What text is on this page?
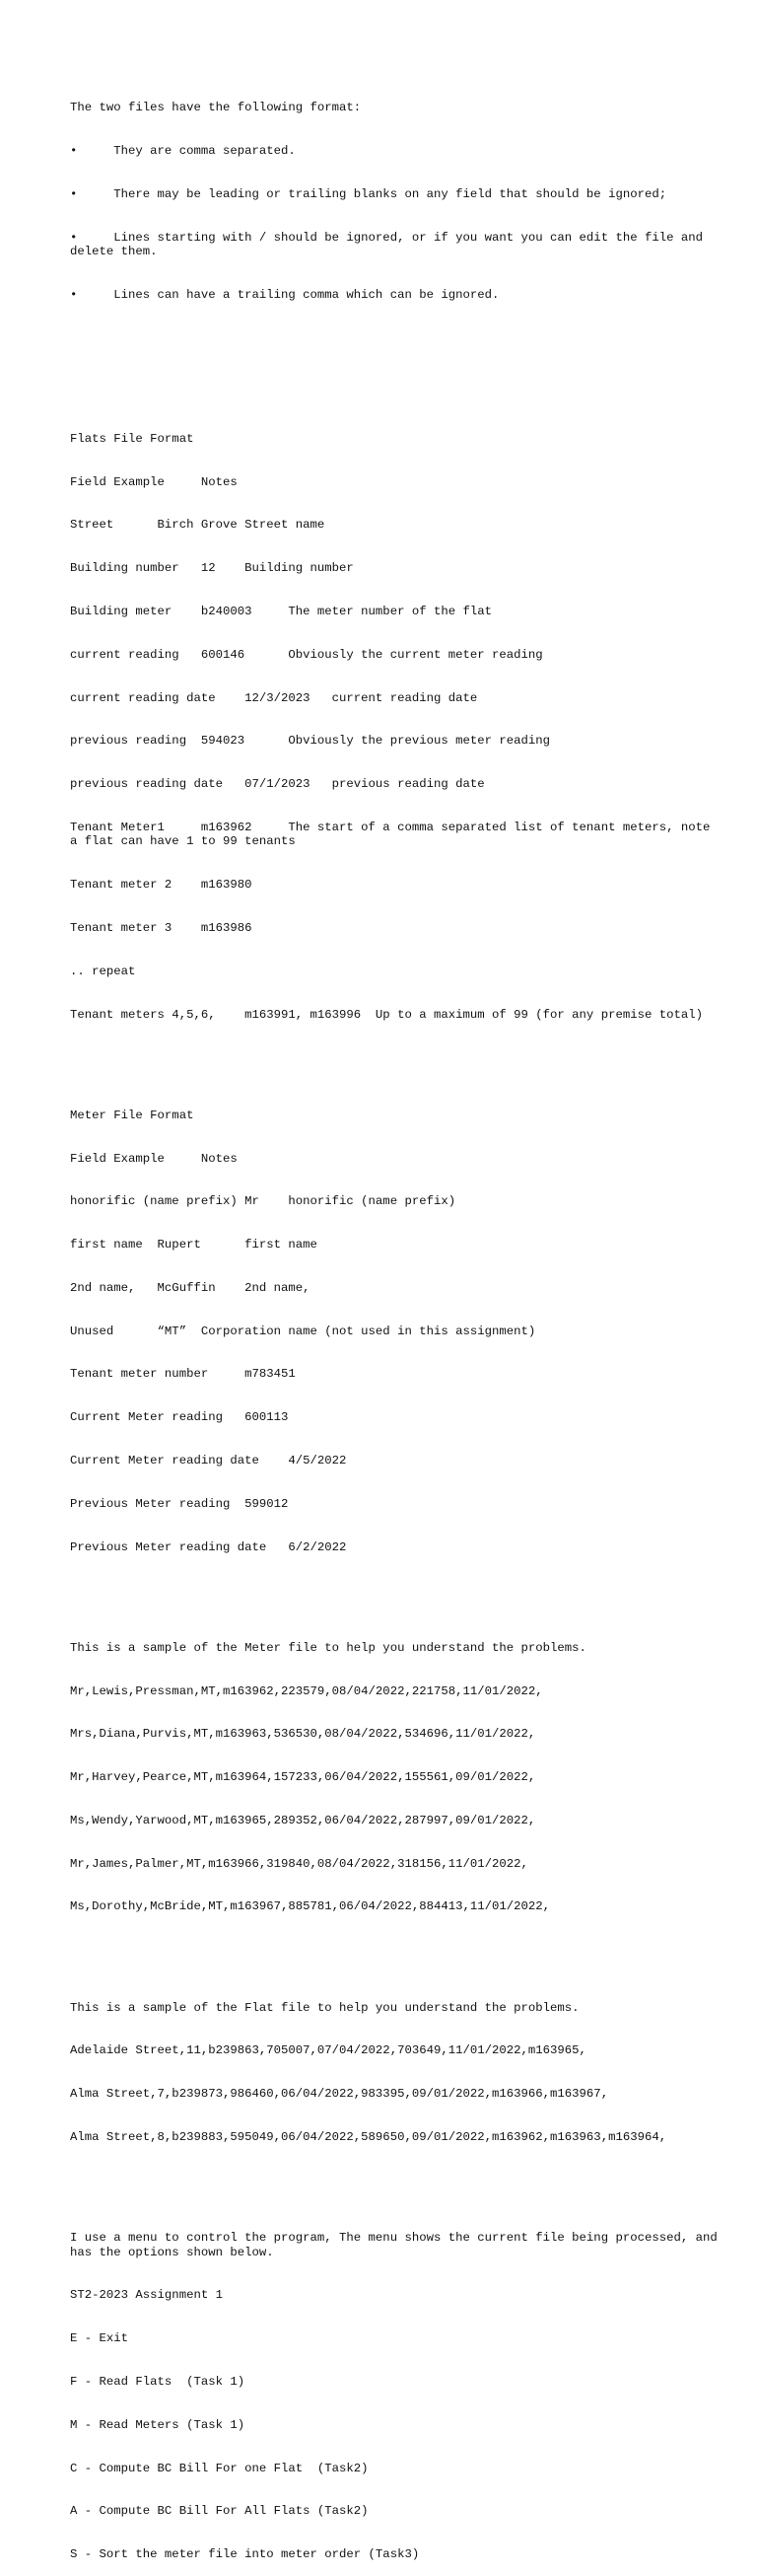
The two files have the following format:

•     They are comma separated.

•     There may be leading or trailing blanks on any field that should be ignored;

•     Lines starting with / should be ignored, or if you want you can edit the file and delete them.

•     Lines can have a trailing comma which can be ignored.

Flats File Format

Field Example     Notes

Street      Birch Grove Street name

Building number   12    Building number

Building meter    b240003     The meter number of the flat

current reading   600146      Obviously the current meter reading

current reading date    12/3/2023   current reading date

previous reading  594023      Obviously the previous meter reading

previous reading date   07/1/2023   previous reading date

Tenant Meter1     m163962     The start of a comma separated list of tenant meters, note a flat can have 1 to 99 tenants

Tenant meter 2    m163980

Tenant meter 3    m163986

.. repeat

Tenant meters 4,5,6,    m163991, m163996  Up to a maximum of 99 (for any premise total)

Meter File Format

Field Example     Notes

honorific (name prefix) Mr    honorific (name prefix)

first name  Rupert      first name

2nd name,   McGuffin    2nd name,

Unused      “MT”  Corporation name (not used in this assignment)

Tenant meter number     m783451

Current Meter reading   600113

Current Meter reading date    4/5/2022

Previous Meter reading  599012

Previous Meter reading date   6/2/2022

This is a sample of the Meter file to help you understand the problems.

Mr,Lewis,Pressman,MT,m163962,223579,08/04/2022,221758,11/01/2022,

Mrs,Diana,Purvis,MT,m163963,536530,08/04/2022,534696,11/01/2022,

Mr,Harvey,Pearce,MT,m163964,157233,06/04/2022,155561,09/01/2022,

Ms,Wendy,Yarwood,MT,m163965,289352,06/04/2022,287997,09/01/2022,

Mr,James,Palmer,MT,m163966,319840,08/04/2022,318156,11/01/2022,

Ms,Dorothy,McBride,MT,m163967,885781,06/04/2022,884413,11/01/2022,

This is a sample of the Flat file to help you understand the problems.

Adelaide Street,11,b239863,705007,07/04/2022,703649,11/01/2022,m163965,

Alma Street,7,b239873,986460,06/04/2022,983395,09/01/2022,m163966,m163967,

Alma Street,8,b239883,595049,06/04/2022,589650,09/01/2022,m163962,m163963,m163964,

I use a menu to control the program, The menu shows the current file being processed, and has the options shown below.

ST2-2023 Assignment 1

E - Exit

F - Read Flats  (Task 1)

M - Read Meters (Task 1)

C - Compute BC Bill For one Flat  (Task2)

A - Compute BC Bill For All Flats (Task2)

S - Sort the meter file into meter order (Task3)
